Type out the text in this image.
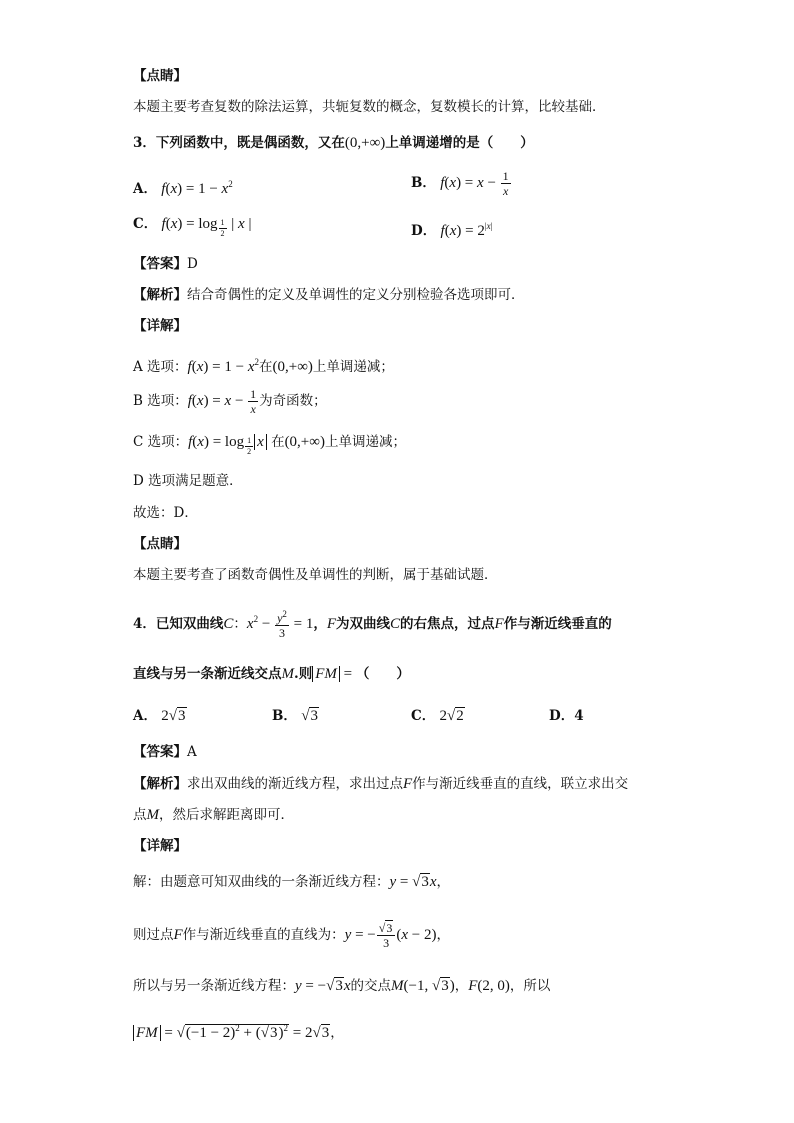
【点睛】
本题主要考查复数的除法运算，共轭复数的概念，复数模长的计算，比较基础．
3．下列函数中，既是偶函数，又在(0,+∞)上单调递增的是（　　）
A． $f(x) = 1 - x^2$	B． $f(x) = x - \frac{1}{x}$
C． $f(x) = \log \frac{1}{2}$ | x |	D． $f(x) = 2^{|x|}$
【答案】D
【解析】结合奇偶性的定义及单调性的定义分别检验各选项即可．
【详解】
A 选项：$f(x) = 1 - x^2$在(0,+∞)上单调递减；
B 选项：$f(x) = x - \frac{1}{x}$ 为奇函数；
C 选项：$f(x) = \log \frac{1}{2}$ x 在(0,+∞)上单调递减；
D 选项满足题意．
故选：D．
【点睛】
本题主要考查了函数奇偶性及单调性的判断，属于基础试题．
4．已知双曲线C：$x^2 - \frac{y^2}{3} = 1$，F为双曲线C的右焦点，过点F作与渐近线垂直的
直线与另一条渐近线交点M.则 FM = （　　）
A． 2√3	B． √3	C． 2√2	D．4
【答案】A
【解析】求出双曲线的渐近线方程，求出过点F作与渐近线垂直的直线，联立求出交
点M，然后求解距离即可．
【详解】
解：由题意可知双曲线的一条渐近线方程：y = √3x，
则过点F作与渐近线垂直的直线为：y = − $\frac{√3}{3} (x - 2)$，
所以与另一条渐近线方程：y = −√3x的交点M(−1, √3)，F(2, 0)，所以
FM = $√(-1 - 2)^2 + (√3)^2 = 2√3$，
